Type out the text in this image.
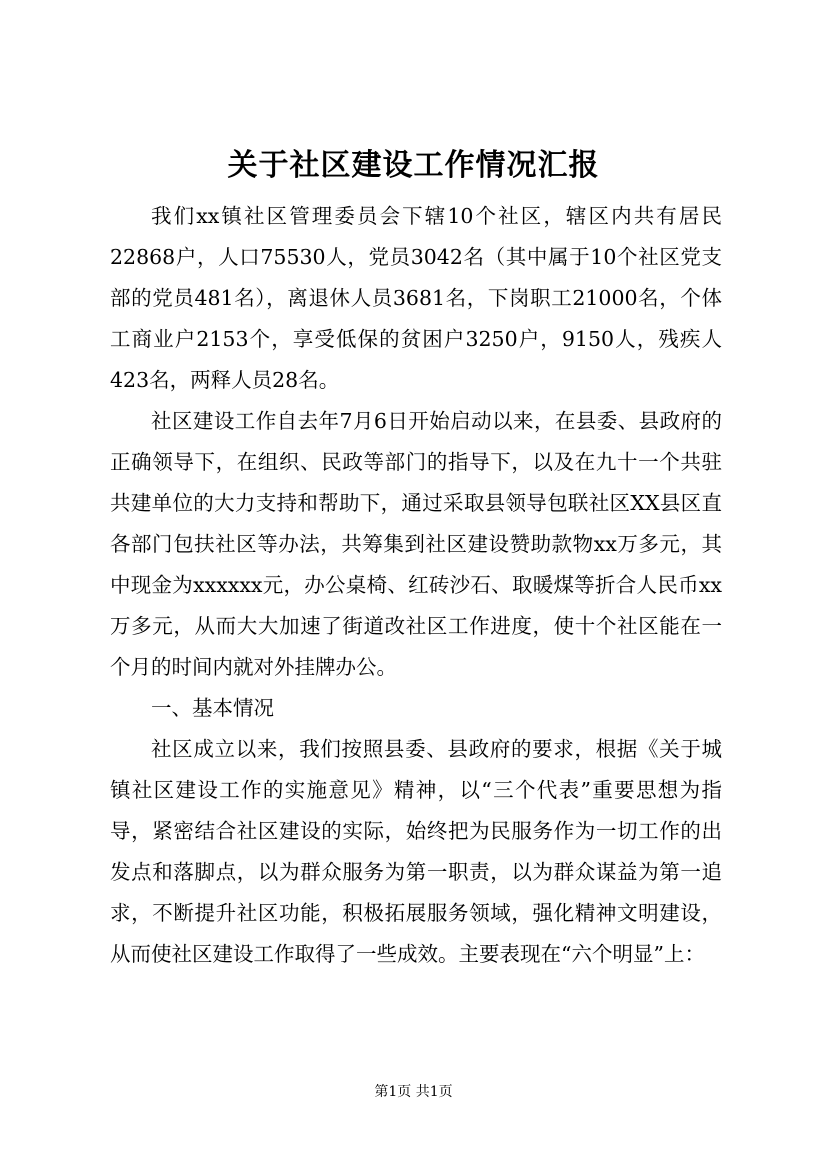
关于社区建设工作情况汇报

我们xx镇社区管理委员会下辖10个社区，辖区内共有居民22868户，人口75530人，党员3042名（其中属于10个社区党支部的党员481名），离退休人员3681名，下岗职工21000名，个体工商业户2153个，享受低保的贫困户3250户，9150人，残疾人423名，两释人员28名。

社区建设工作自去年7月6日开始启动以来，在县委、县政府的正确领导下，在组织、民政等部门的指导下，以及在九十一个共驻共建单位的大力支持和帮助下，通过采取县领导包联社区XX县区直各部门包扶社区等办法，共筹集到社区建设赞助款物xx万多元，其中现金为xxxxxx元，办公桌椅、红砖沙石、取暖煤等折合人民币xx万多元，从而大大加速了街道改社区工作进度，使十个社区能在一个月的时间内就对外挂牌办公。

一、基本情况

社区成立以来，我们按照县委、县政府的要求，根据《关于城镇社区建设工作的实施意见》精神，以“三个代表”重要思想为指导，紧密结合社区建设的实际，始终把为民服务作为一切工作的出发点和落脚点，以为群众服务为第一职责，以为群众谋益为第一追求，不断提升社区功能，积极拓展服务领域，强化精神文明建设，从而使社区建设工作取得了一些成效。主要表现在“六个明显”上：

第1页 共1页
